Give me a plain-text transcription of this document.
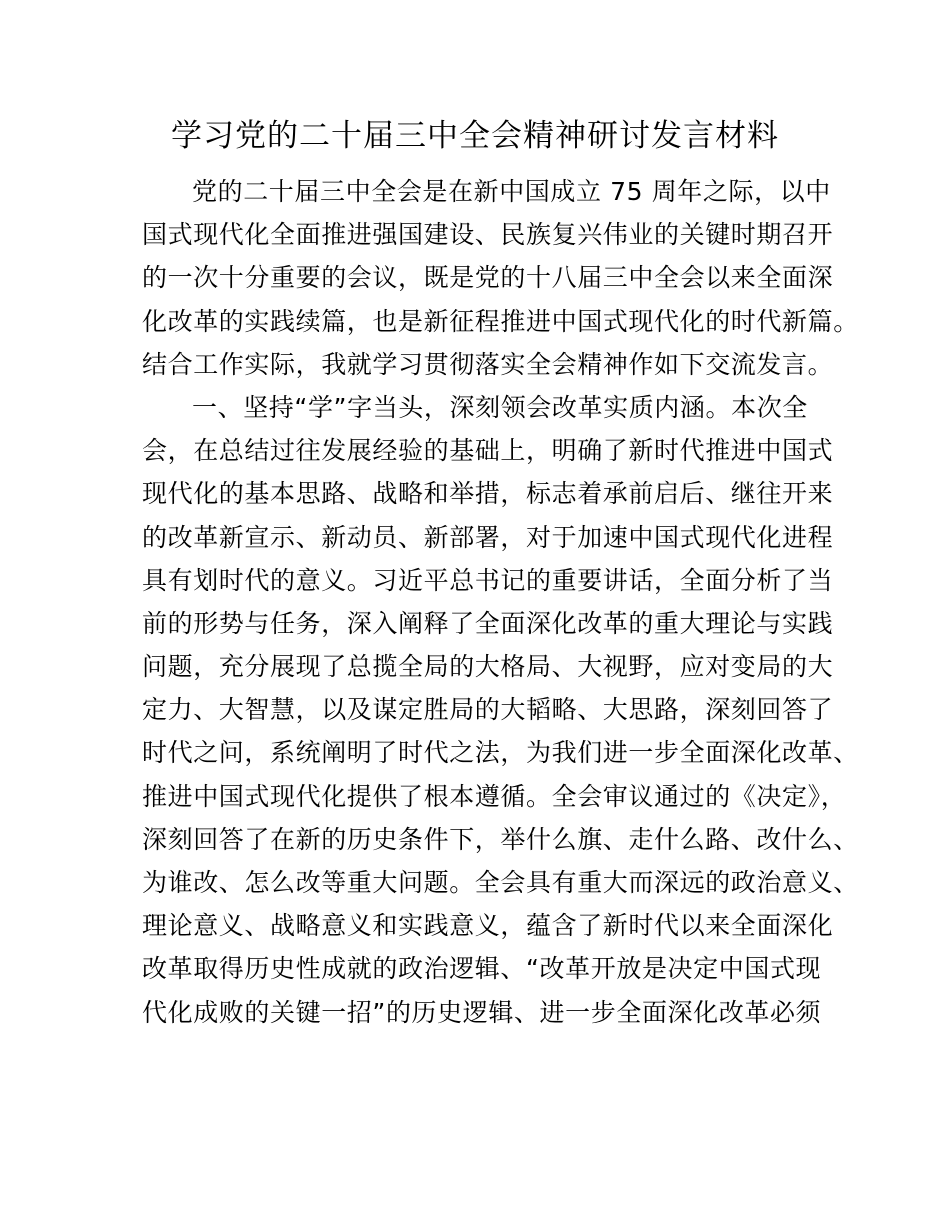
学习党的二十届三中全会精神研讨发言材料
党的二十届三中全会是在新中国成立 75 周年之际，以中
国式现代化全面推进强国建设、民族复兴伟业的关键时期召开
的一次十分重要的会议，既是党的十八届三中全会以来全面深
化改革的实践续篇，也是新征程推进中国式现代化的时代新篇。
结合工作实际，我就学习贯彻落实全会精神作如下交流发言。
一、坚持“学”字当头，深刻领会改革实质内涵。本次全
会，在总结过往发展经验的基础上，明确了新时代推进中国式
现代化的基本思路、战略和举措，标志着承前启后、继往开来
的改革新宣示、新动员、新部署，对于加速中国式现代化进程
具有划时代的意义。习近平总书记的重要讲话，全面分析了当
前的形势与任务，深入阐释了全面深化改革的重大理论与实践
问题，充分展现了总揽全局的大格局、大视野，应对变局的大
定力、大智慧，以及谋定胜局的大韬略、大思路，深刻回答了
时代之问，系统阐明了时代之法，为我们进一步全面深化改革、
推进中国式现代化提供了根本遵循。全会审议通过的《决定》，
深刻回答了在新的历史条件下，举什么旗、走什么路、改什么、
为谁改、怎么改等重大问题。全会具有重大而深远的政治意义、
理论意义、战略意义和实践意义，蕴含了新时代以来全面深化
改革取得历史性成就的政治逻辑、“改革开放是决定中国式现
代化成败的关键一招”的历史逻辑、进一步全面深化改革必须
